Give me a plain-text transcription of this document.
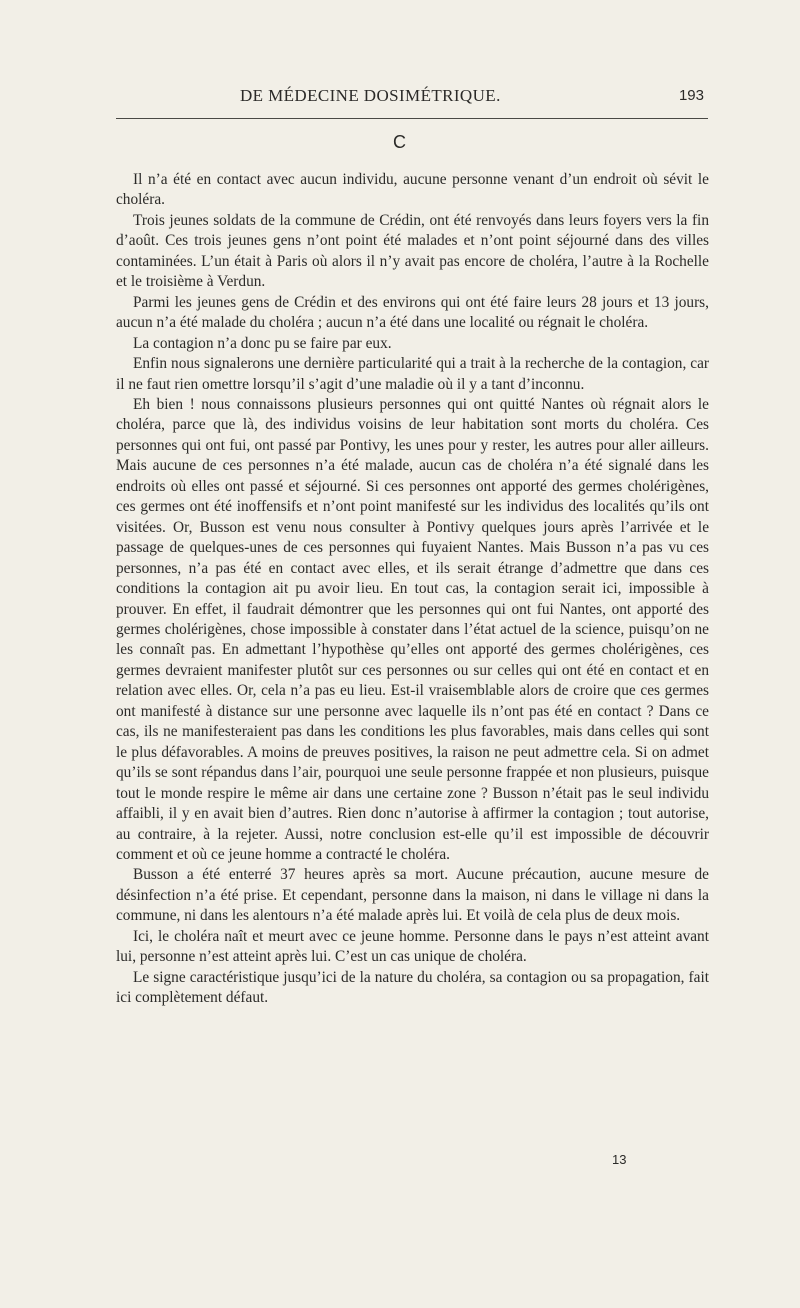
DE MÉDECINE DOSIMÉTRIQUE.	193
C

Il n’a été en contact avec aucun individu, aucune personne venant d’un endroit où sévit le choléra.

Trois jeunes soldats de la commune de Crédin, ont été renvoyés dans leurs foyers vers la fin d’août. Ces trois jeunes gens n’ont point été malades et n’ont point séjourné dans des villes contaminées. L’un était à Paris où alors il n’y avait pas encore de choléra, l’autre à la Rochelle et le troisième à Verdun.

Parmi les jeunes gens de Crédin et des environs qui ont été faire leurs 28 jours et 13 jours, aucun n’a été malade du choléra ; aucun n’a été dans une localité ou régnait le choléra.

La contagion n’a donc pu se faire par eux.

Enfin nous signalerons une dernière particularité qui a trait à la recherche de la contagion, car il ne faut rien omettre lorsqu’il s’agit d’une maladie où il y a tant d’inconnu.

Eh bien ! nous connaissons plusieurs personnes qui ont quitté Nantes où régnait alors le choléra, parce que là, des individus voisins de leur habitation sont morts du choléra. Ces personnes qui ont fui, ont passé par Pontivy, les unes pour y rester, les autres pour aller ailleurs. Mais aucune de ces personnes n’a été malade, aucun cas de choléra n’a été signalé dans les endroits où elles ont passé et séjourné. Si ces personnes ont apporté des germes cholérigènes, ces germes ont été inoffensifs et n’ont point manifesté sur les individus des localités qu’ils ont visitées. Or, Busson est venu nous consulter à Pontivy quelques jours après l’arrivée et le passage de quelques-unes de ces personnes qui fuyaient Nantes. Mais Busson n’a pas vu ces personnes, n’a pas été en contact avec elles, et ils serait étrange d’admettre que dans ces conditions la contagion ait pu avoir lieu. En tout cas, la contagion serait ici, impossible à prouver. En effet, il faudrait démontrer que les personnes qui ont fui Nantes, ont apporté des germes cholérigènes, chose impossible à constater dans l’état actuel de la science, puisqu’on ne les connaît pas. En admettant l’hypothèse qu’elles ont apporté des germes cholérigènes, ces germes devraient manifester plutôt sur ces personnes ou sur celles qui ont été en contact et en relation avec elles. Or, cela n’a pas eu lieu. Est-il vraisemblable alors de croire que ces germes ont manifesté à distance sur une personne avec laquelle ils n’ont pas été en contact ? Dans ce cas, ils ne manifesteraient pas dans les conditions les plus favorables, mais dans celles qui sont le plus défavorables. A moins de preuves positives, la raison ne peut admettre cela. Si on admet qu’ils se sont répandus dans l’air, pourquoi une seule personne frappée et non plusieurs, puisque tout le monde respire le même air dans une certaine zone ? Busson n’était pas le seul individu affaibli, il y en avait bien d’autres. Rien donc n’autorise à affirmer la contagion ; tout autorise, au contraire, à la rejeter. Aussi, notre conclusion est-elle qu’il est impossible de découvrir comment et où ce jeune homme a contracté le choléra.

Busson a été enterré 37 heures après sa mort. Aucune précaution, aucune mesure de désinfection n’a été prise. Et cependant, personne dans la maison, ni dans le village ni dans la commune, ni dans les alentours n’a été malade après lui. Et voilà de cela plus de deux mois.

Ici, le choléra naît et meurt avec ce jeune homme. Personne dans le pays n’est atteint avant lui, personne n’est atteint après lui. C’est un cas unique de choléra.

Le signe caractéristique jusqu’ici de la nature du choléra, sa contagion ou sa propagation, fait ici complètement défaut.

13
